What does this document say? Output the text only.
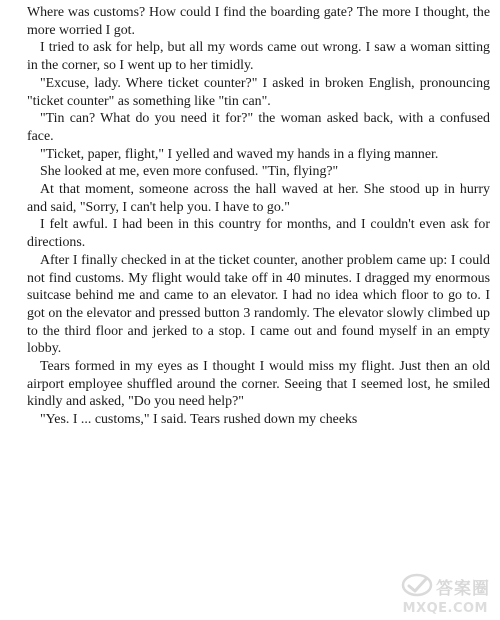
Where was customs? How could I find the boarding gate? The more I thought, the more worried I got.

I tried to ask for help, but all my words came out wrong. I saw a woman sitting in the corner, so I went up to her timidly.

"Excuse, lady. Where ticket counter?" I asked in broken English, pronouncing "ticket counter" as something like "tin can".

"Tin can? What do you need it for?" the woman asked back, with a confused face.

"Ticket, paper, flight," I yelled and waved my hands in a flying manner.

She looked at me, even more confused. "Tin, flying?"

At that moment, someone across the hall waved at her. She stood up in hurry and said, "Sorry, I can't help you. I have to go."

I felt awful. I had been in this country for months, and I couldn't even ask for directions.

After I finally checked in at the ticket counter, another problem came up: I could not find customs. My flight would take off in 40 minutes. I dragged my enormous suitcase behind me and came to an elevator. I had no idea which floor to go to. I got on the elevator and pressed button 3 randomly. The elevator slowly climbed up to the third floor and jerked to a stop. I came out and found myself in an empty lobby.

Tears formed in my eyes as I thought I would miss my flight. Just then an old airport employee shuffled around the corner. Seeing that I seemed lost, he smiled kindly and asked, "Do you need help?"

"Yes. I ... customs," I said. Tears rushed down my cheeks

答案圈
MXQE.COM
